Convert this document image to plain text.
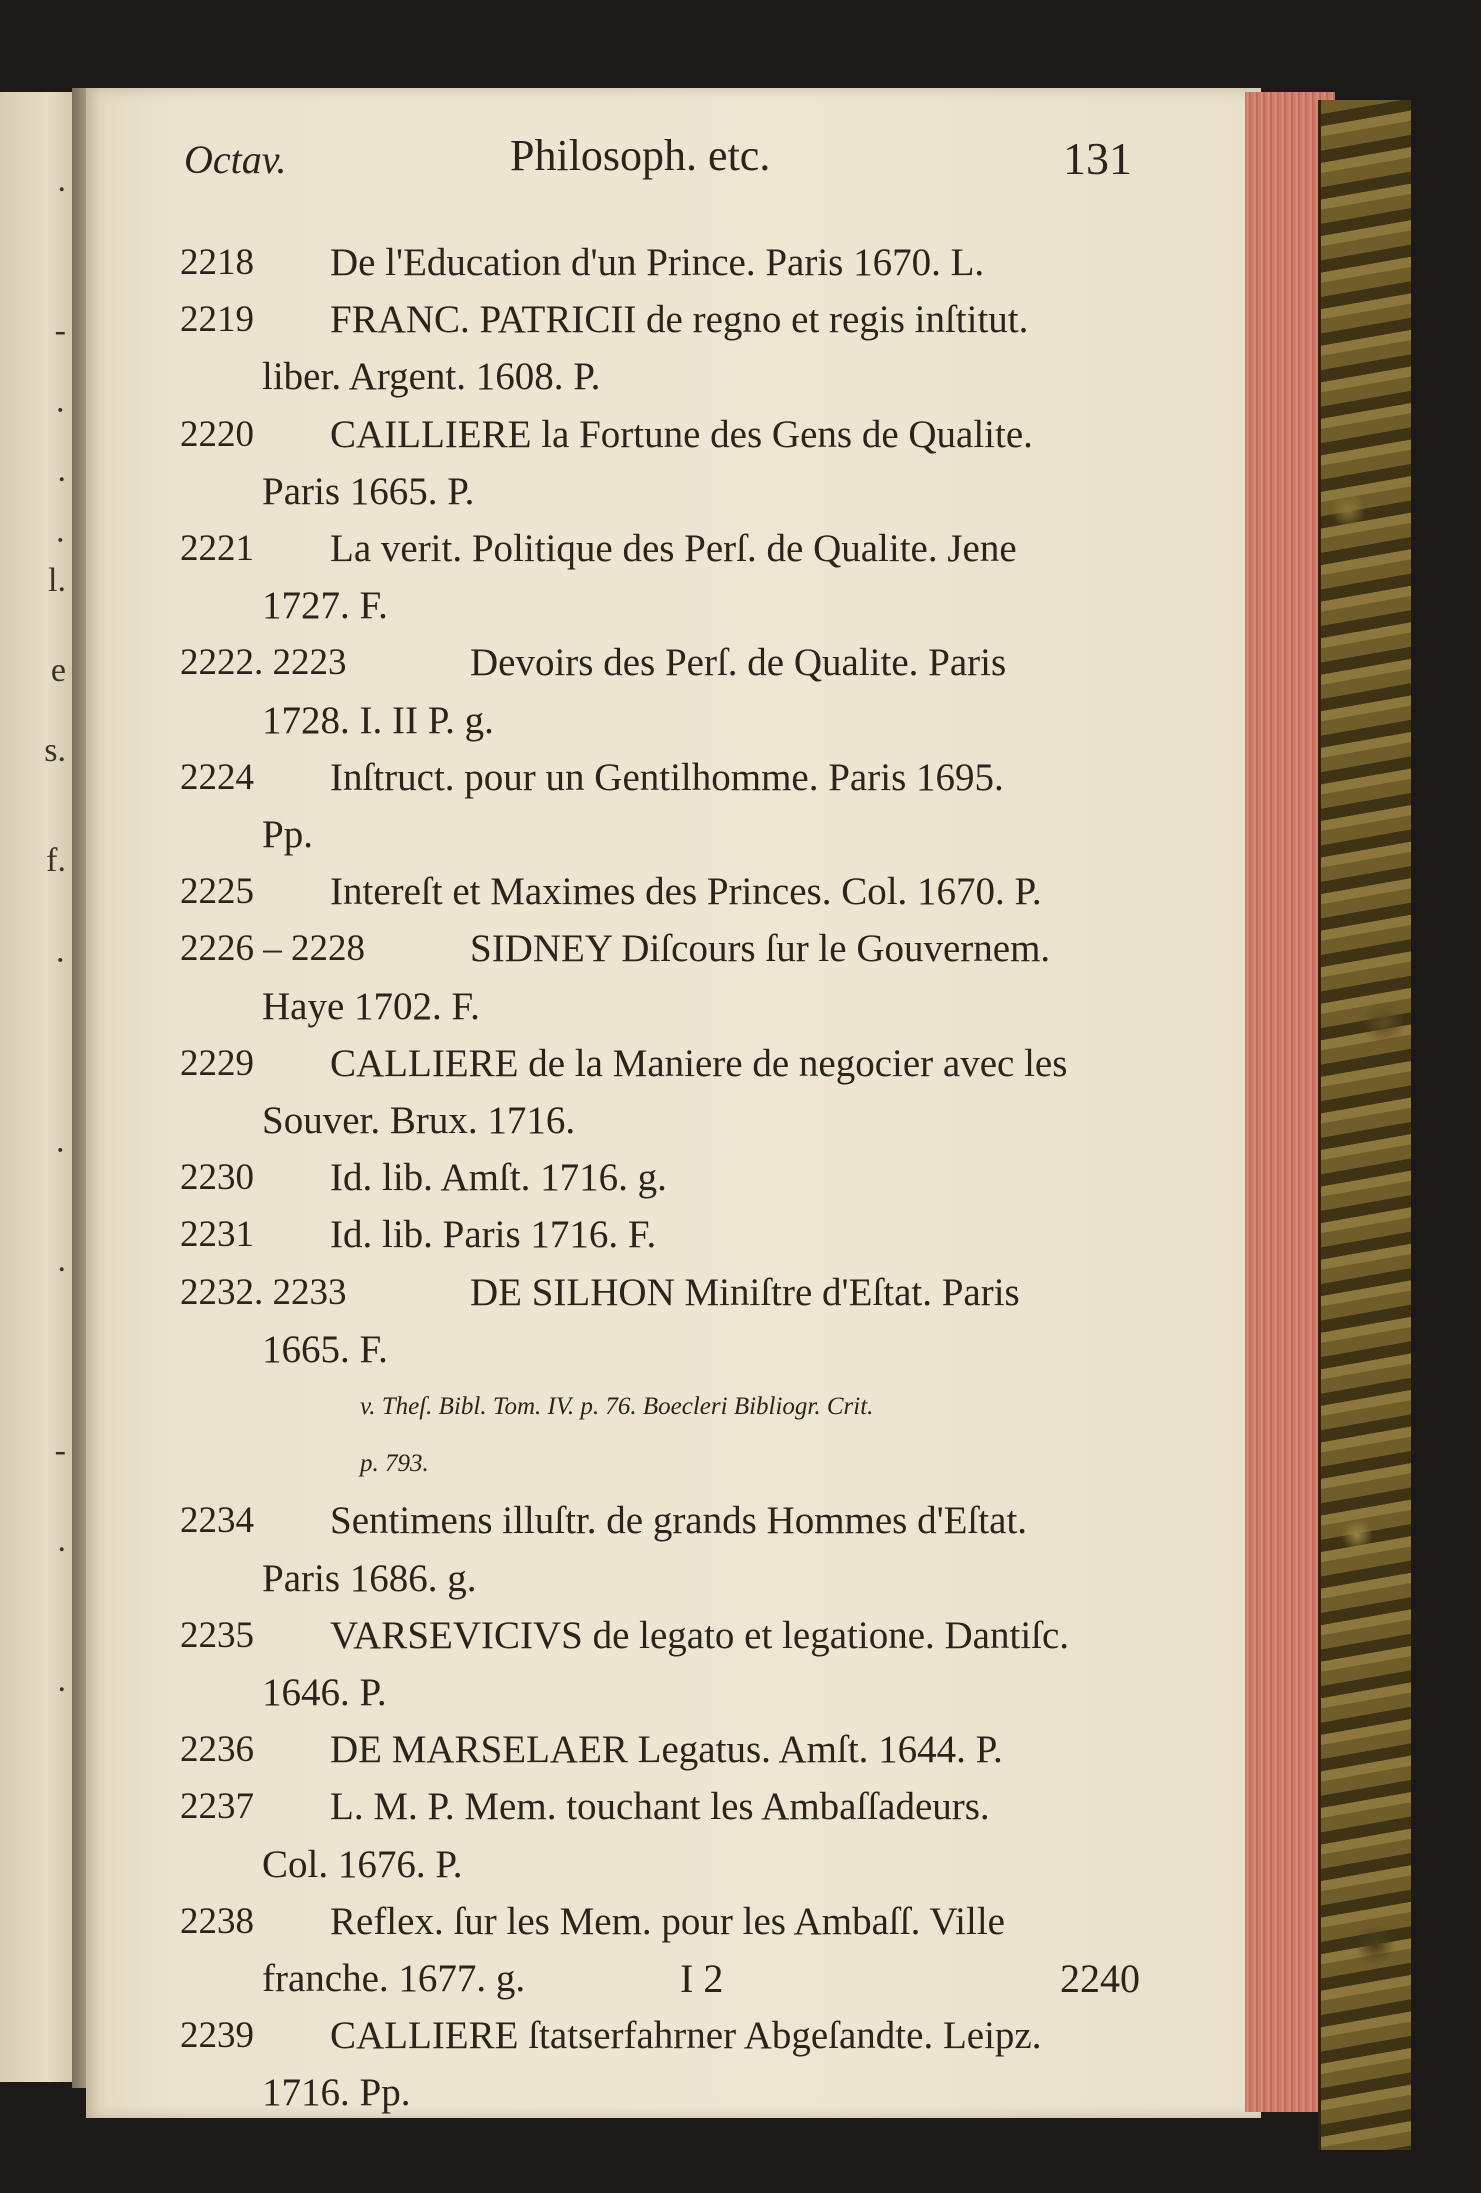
.
-
·
.
·
l.
e
s.
f.
·
·
.
-
.
.
Octav.	Philosoph. etc.	131
2218 De l'Education d'un Prince. Paris 1670. L.
2219 FRANC. PATRICII de regno et regis inſtitut.
liber. Argent. 1608. P.
2220 CAILLIERE la Fortune des Gens de Qualite.
Paris 1665. P.
2221 La verit. Politique des Perſ. de Qualite. Jene
1727. F.
2222. 2223	Devoirs des Perſ. de Qualite. Paris
1728. I. II P. g.
2224 Inſtruct. pour un Gentilhomme. Paris 1695.
Pp.
2225 Intereſt et Maximes des Princes. Col. 1670. P.
2226 – 2228	SIDNEY Diſcours ſur le Gouvernem.
Haye 1702. F.
2229 CALLIERE de la Maniere de negocier avec les
Souver. Brux. 1716.
2230 Id. lib. Amſt. 1716. g.
2231 Id. lib. Paris 1716. F.
2232. 2233	DE SILHON Miniſtre d'Eſtat. Paris
1665. F.
v. Theſ. Bibl. Tom. IV. p. 76. Boecleri Bibliogr. Crit.
p. 793.
2234 Sentimens illuſtr. de grands Hommes d'Eſtat.
Paris 1686. g.
2235 VARSEVICIVS de legato et legatione. Dantiſc.
1646. P.
2236 DE MARSELAER Legatus. Amſt. 1644. P.
2237 L. M. P. Mem. touchant les Ambaſſadeurs.
Col. 1676. P.
2238 Reflex. ſur les Mem. pour les Ambaſſ. Ville
franche. 1677. g.
2239 CALLIERE ſtatserfahrner Abgeſandte. Leipz.
1716. Pp.
I 2	2240
